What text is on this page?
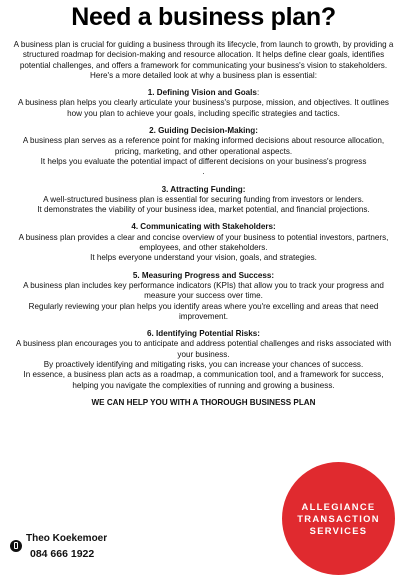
Need a business plan?

A business plan is crucial for guiding a business through its lifecycle, from launch to growth, by providing a structured roadmap for decision-making and resource allocation. It helps define clear goals, identifies potential challenges, and offers a framework for communicating your business's vision to stakeholders.

Here's a more detailed look at why a business plan is essential:

1. Defining Vision and Goals:

A business plan helps you clearly articulate your business's purpose, mission, and objectives. It outlines how you plan to achieve your goals, including specific strategies and tactics.

2. Guiding Decision-Making:

A business plan serves as a reference point for making informed decisions about resource allocation, pricing, marketing, and other operational aspects.

It helps you evaluate the potential impact of different decisions on your business's progress

.

3. Attracting Funding:

A well-structured business plan is essential for securing funding from investors or lenders.

It demonstrates the viability of your business idea, market potential, and financial projections.

4. Communicating with Stakeholders:

A business plan provides a clear and concise overview of your business to potential investors, partners, employees, and other stakeholders.

It helps everyone understand your vision, goals, and strategies.

5. Measuring Progress and Success:

A business plan includes key performance indicators (KPIs) that allow you to track your progress and measure your success over time.

Regularly reviewing your plan helps you identify areas where you're excelling and areas that need improvement.

6. Identifying Potential Risks:

A business plan encourages you to anticipate and address potential challenges and risks associated with your business.

By proactively identifying and mitigating risks, you can increase your chances of success.

In essence, a business plan acts as a roadmap, a communication tool, and a framework for success, helping you navigate the complexities of running and growing a business.

WE CAN HELP YOU WITH A THOROUGH BUSINESS PLAN

Theo Koekemoer
084 666 1922
ALLEGIANCE
TRANSACTION
SERVICES
